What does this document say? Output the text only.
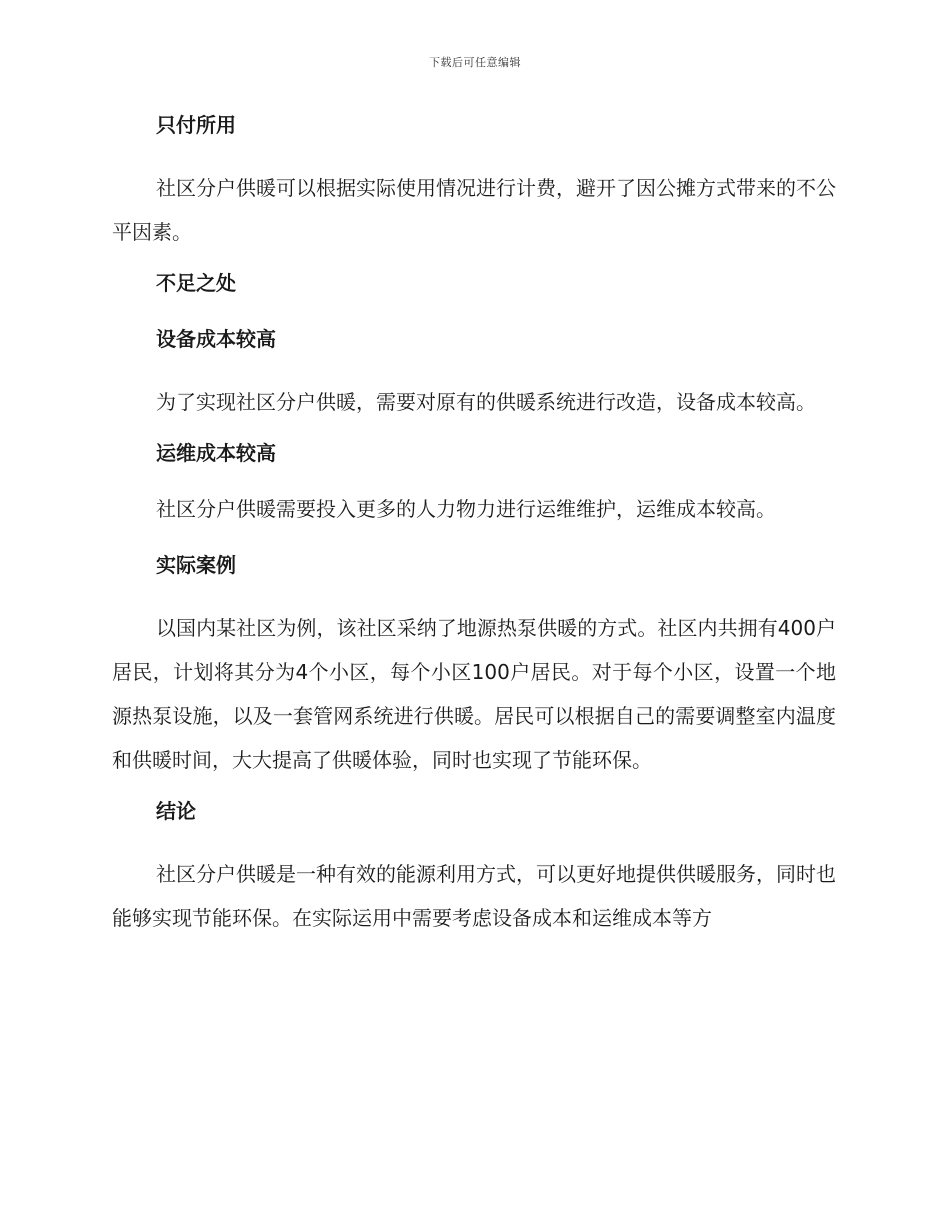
下载后可任意编辑
只付所用
社区分户供暖可以根据实际使用情况进行计费，避开了因公摊方式带来的不公平因素。
不足之处
设备成本较高
为了实现社区分户供暖，需要对原有的供暖系统进行改造，设备成本较高。
运维成本较高
社区分户供暖需要投入更多的人力物力进行运维维护，运维成本较高。
实际案例
以国内某社区为例，该社区采纳了地源热泵供暖的方式。社区内共拥有400户居民，计划将其分为4个小区，每个小区100户居民。对于每个小区，设置一个地源热泵设施，以及一套管网系统进行供暖。居民可以根据自己的需要调整室内温度和供暖时间，大大提高了供暖体验，同时也实现了节能环保。
结论
社区分户供暖是一种有效的能源利用方式，可以更好地提供供暖服务，同时也能够实现节能环保。在实际运用中需要考虑设备成本和运维成本等方
